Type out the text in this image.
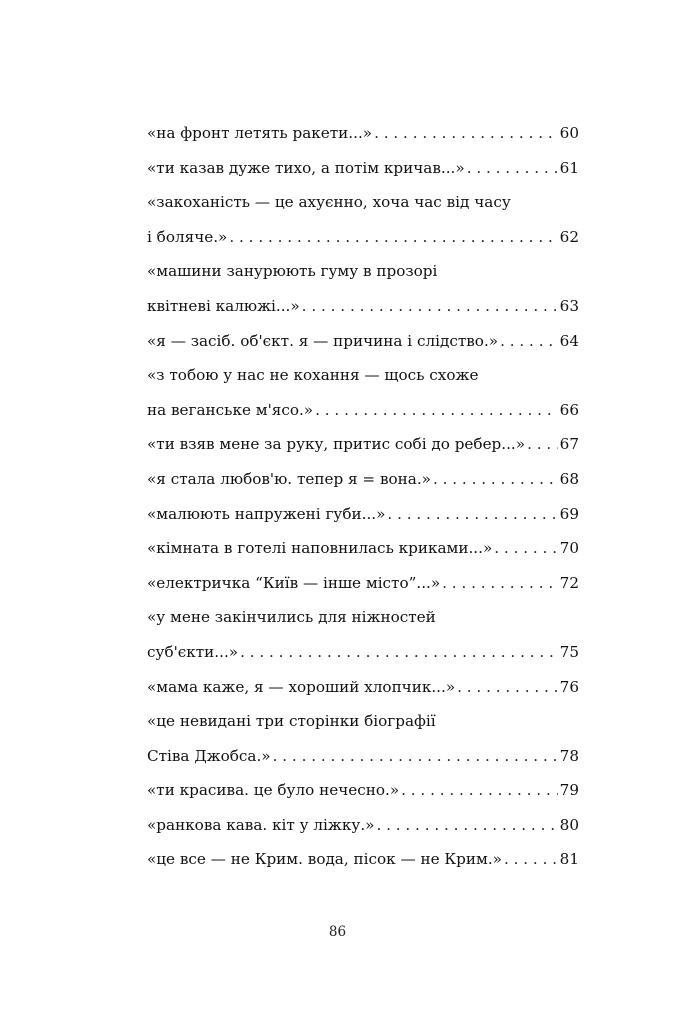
«на фронт летять ракети...» . . .	60
«ти казав дуже тихо, а потім кричав...» . . .	61
«закоханість — це ахуєнно, хоча час від часу
і боляче.» . . .	62
«машини занурюють гуму в прозорі
квітневі калюжі...» . . .	63
«я — засіб. об'єкт. я — причина і слідство.» . . .	64
«з тобою у нас не кохання — щось схоже
на веганське м'ясо.» . . .	66
«ти взяв мене за руку, притис собі до ребер...» . . . 67
«я стала любов'ю. тепер я = вона.» . . .	68
«малюють напружені губи...» . . .	69
«кімната в готелі наповнилась криками...» . . .	70
«електричка “Київ — інше місто”...» . . .	72
«у мене закінчились для ніжностей
суб'єкти...» . . .	75
«мама каже, я — хороший хлопчик...» . . .	76
«це невидані три сторінки біографії
Стіва Джобса.» . . .	78
«ти красива. це було нечесно.» . . .	79
«ранкова кава. кіт у ліжку.» . . .	80
«це все — не Крим. вода, пісок — не Крим.» . . .	81
86
